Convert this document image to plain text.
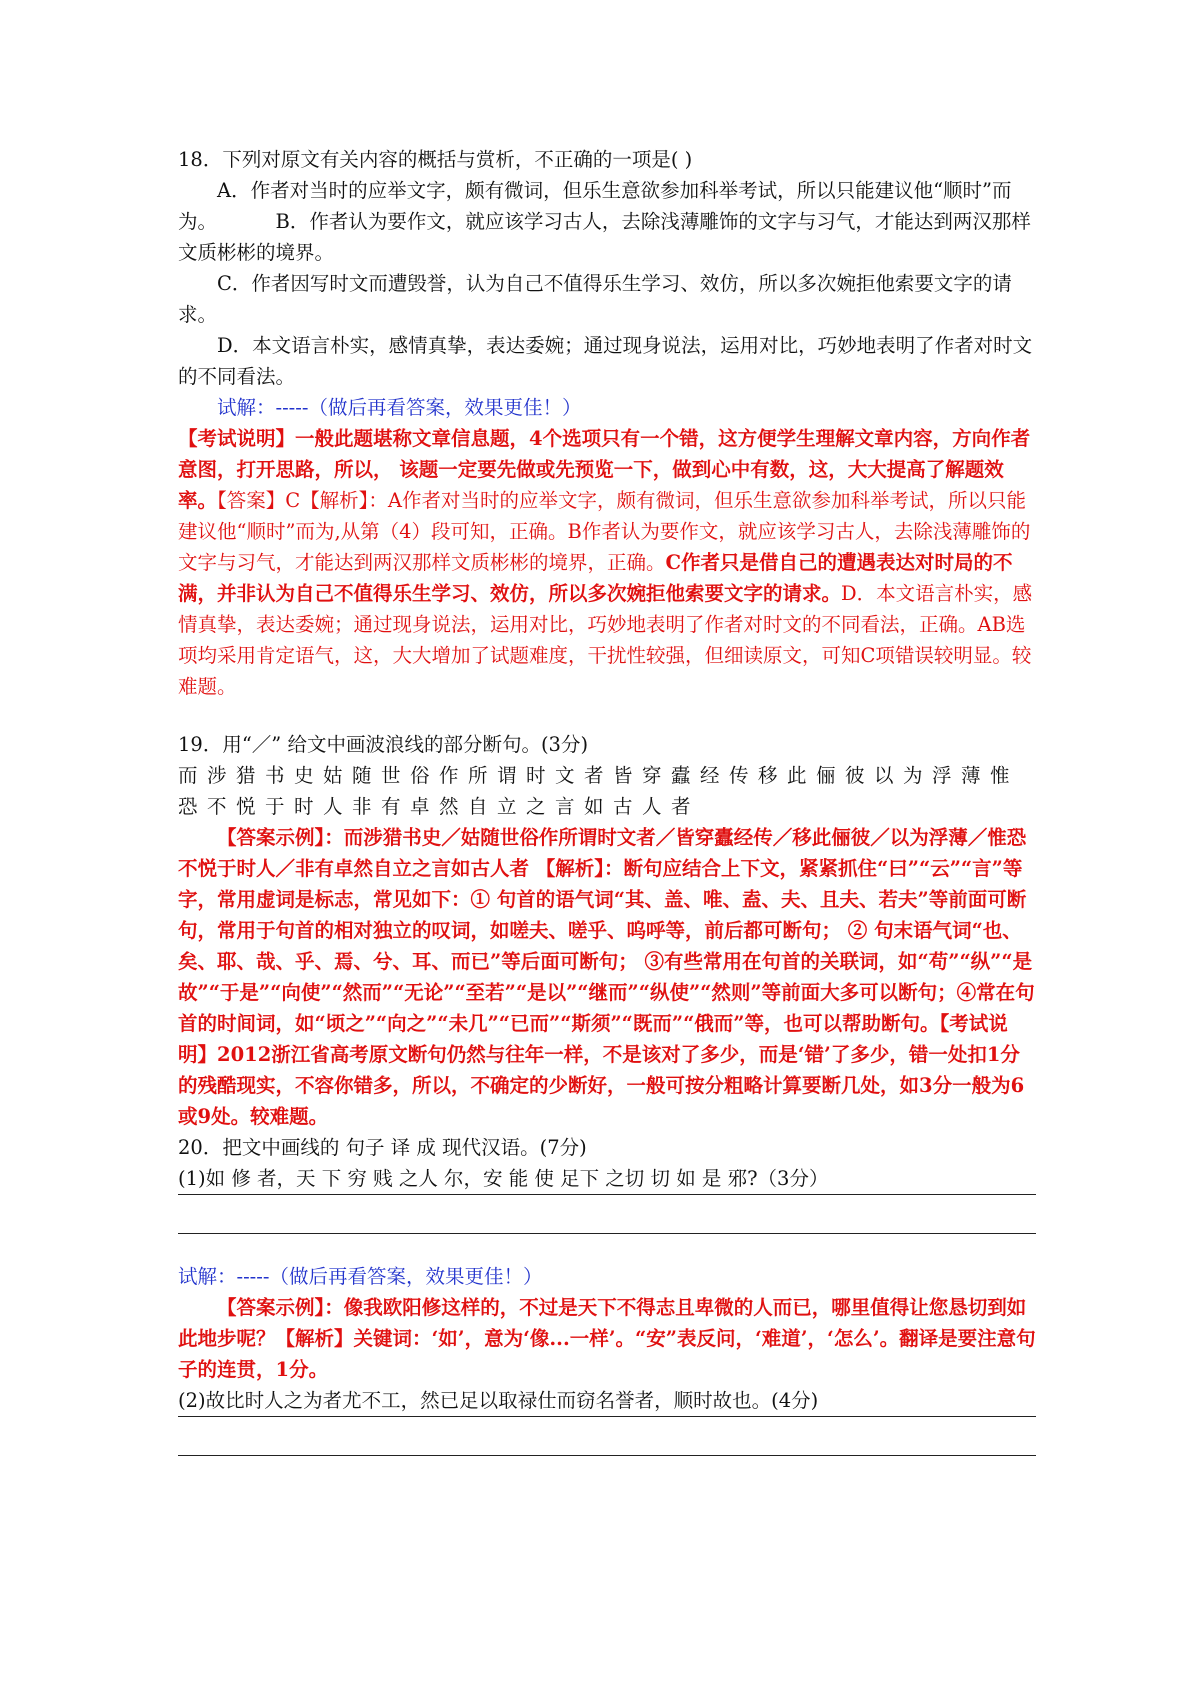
18．下列对原文有关内容的概括与赏析，不正确的一项是( )

A．作者对当时的应举文字，颇有微词，但乐生意欲参加科举考试，所以只能建议他“顺时”而为。   	B．作者认为要作文，就应该学习古人，去除浅薄雕饰的文字与习气，才能达到两汉那样文质彬彬的境界。

C．作者因写时文而遭毁誉，认为自己不值得乐生学习、效仿，所以多次婉拒他索要文字的请求。

D．本文语言朴实，感情真挚，表达委婉；通过现身说法，运用对比，巧妙地表明了作者对时文的不同看法。

试解：-----（做后再看答案，效果更佳！）

【考试说明】一般此题堪称文章信息题，4个选项只有一个错，这方便学生理解文章内容，方向作者意图，打开思路，所以， 该题一定要先做或先预览一下，做到心中有数，这，大大提高了解题效率。【答案】C【解析】：A作者对当时的应举文字，颇有微词，但乐生意欲参加科举考试，所以只能建议他“顺时”而为,从第（4）段可知，正确。B作者认为要作文，就应该学习古人，去除浅薄雕饰的文字与习气，才能达到两汉那样文质彬彬的境界，正确。C作者只是借自己的遭遇表达对时局的不满，并非认为自己不值得乐生学习、效仿，所以多次婉拒他索要文字的请求。D．本文语言朴实，感情真挚，表达委婉；通过现身说法，运用对比，巧妙地表明了作者对时文的不同看法，正确。AB选项均采用肯定语气，这，大大增加了试题难度，干扰性较强，但细读原文，可知C项错误较明显。较难题。

19．用“／” 给文中画波浪线的部分断句。(3分)

而涉猎书史姑随世俗作所谓时文者皆穿蠹经传移此俪彼以为浮薄惟恐不悦于时人非有卓然自立之言如古人者

【答案示例】：而涉猎书史／姑随世俗作所谓时文者／皆穿蠹经传／移此俪彼／以为浮薄／惟恐不悦于时人／非有卓然自立之言如古人者 【解析】：断句应结合上下文，紧紧抓住“曰”“云”“言”等字，常用虚词是标志，常见如下：① 句首的语气词“其、盖、唯、盍、夫、且夫、若夫”等前面可断句，常用于句首的相对独立的叹词，如嗟夫、嗟乎、呜呼等，前后都可断句； ② 句末语气词“也、矣、耶、哉、乎、焉、兮、耳、而已”等后面可断句； ③有些常用在句首的关联词，如“苟”“纵”“是故”“于是”“向使”“然而”“无论”“至若”“是以”“继而”“纵使”“然则”等前面大多可以断句；④常在句首的时间词，如“顷之”“向之”“未几”“已而”“斯须”“既而”“俄而”等，也可以帮助断句。【考试说明】2012浙江省高考原文断句仍然与往年一样，不是该对了多少，而是‘错’了多少，错一处扣1分的残酷现实，不容你错多，所以，不确定的少断好，一般可按分粗略计算要断几处，如3分一般为6或9处。较难题。

20．把文中画线的 句子 译 成 现代汉语。(7分)

(1)如 修 者，天 下 穷 贱 之人 尔，安 能 使 足下 之切 切 如 是 邪?（3分）

试解：-----（做后再看答案，效果更佳！）

【答案示例】：像我欧阳修这样的，不过是天下不得志且卑微的人而已，哪里值得让您恳切到如此地步呢？【解析】关键词：‘如’，意为‘像...一样’。“安”表反问，‘难道’，‘怎么’。翻译是要注意句子的连贯，1分。

(2)故比时人之为者尤不工，然已足以取禄仕而窃名誉者，顺时故也。(4分)
